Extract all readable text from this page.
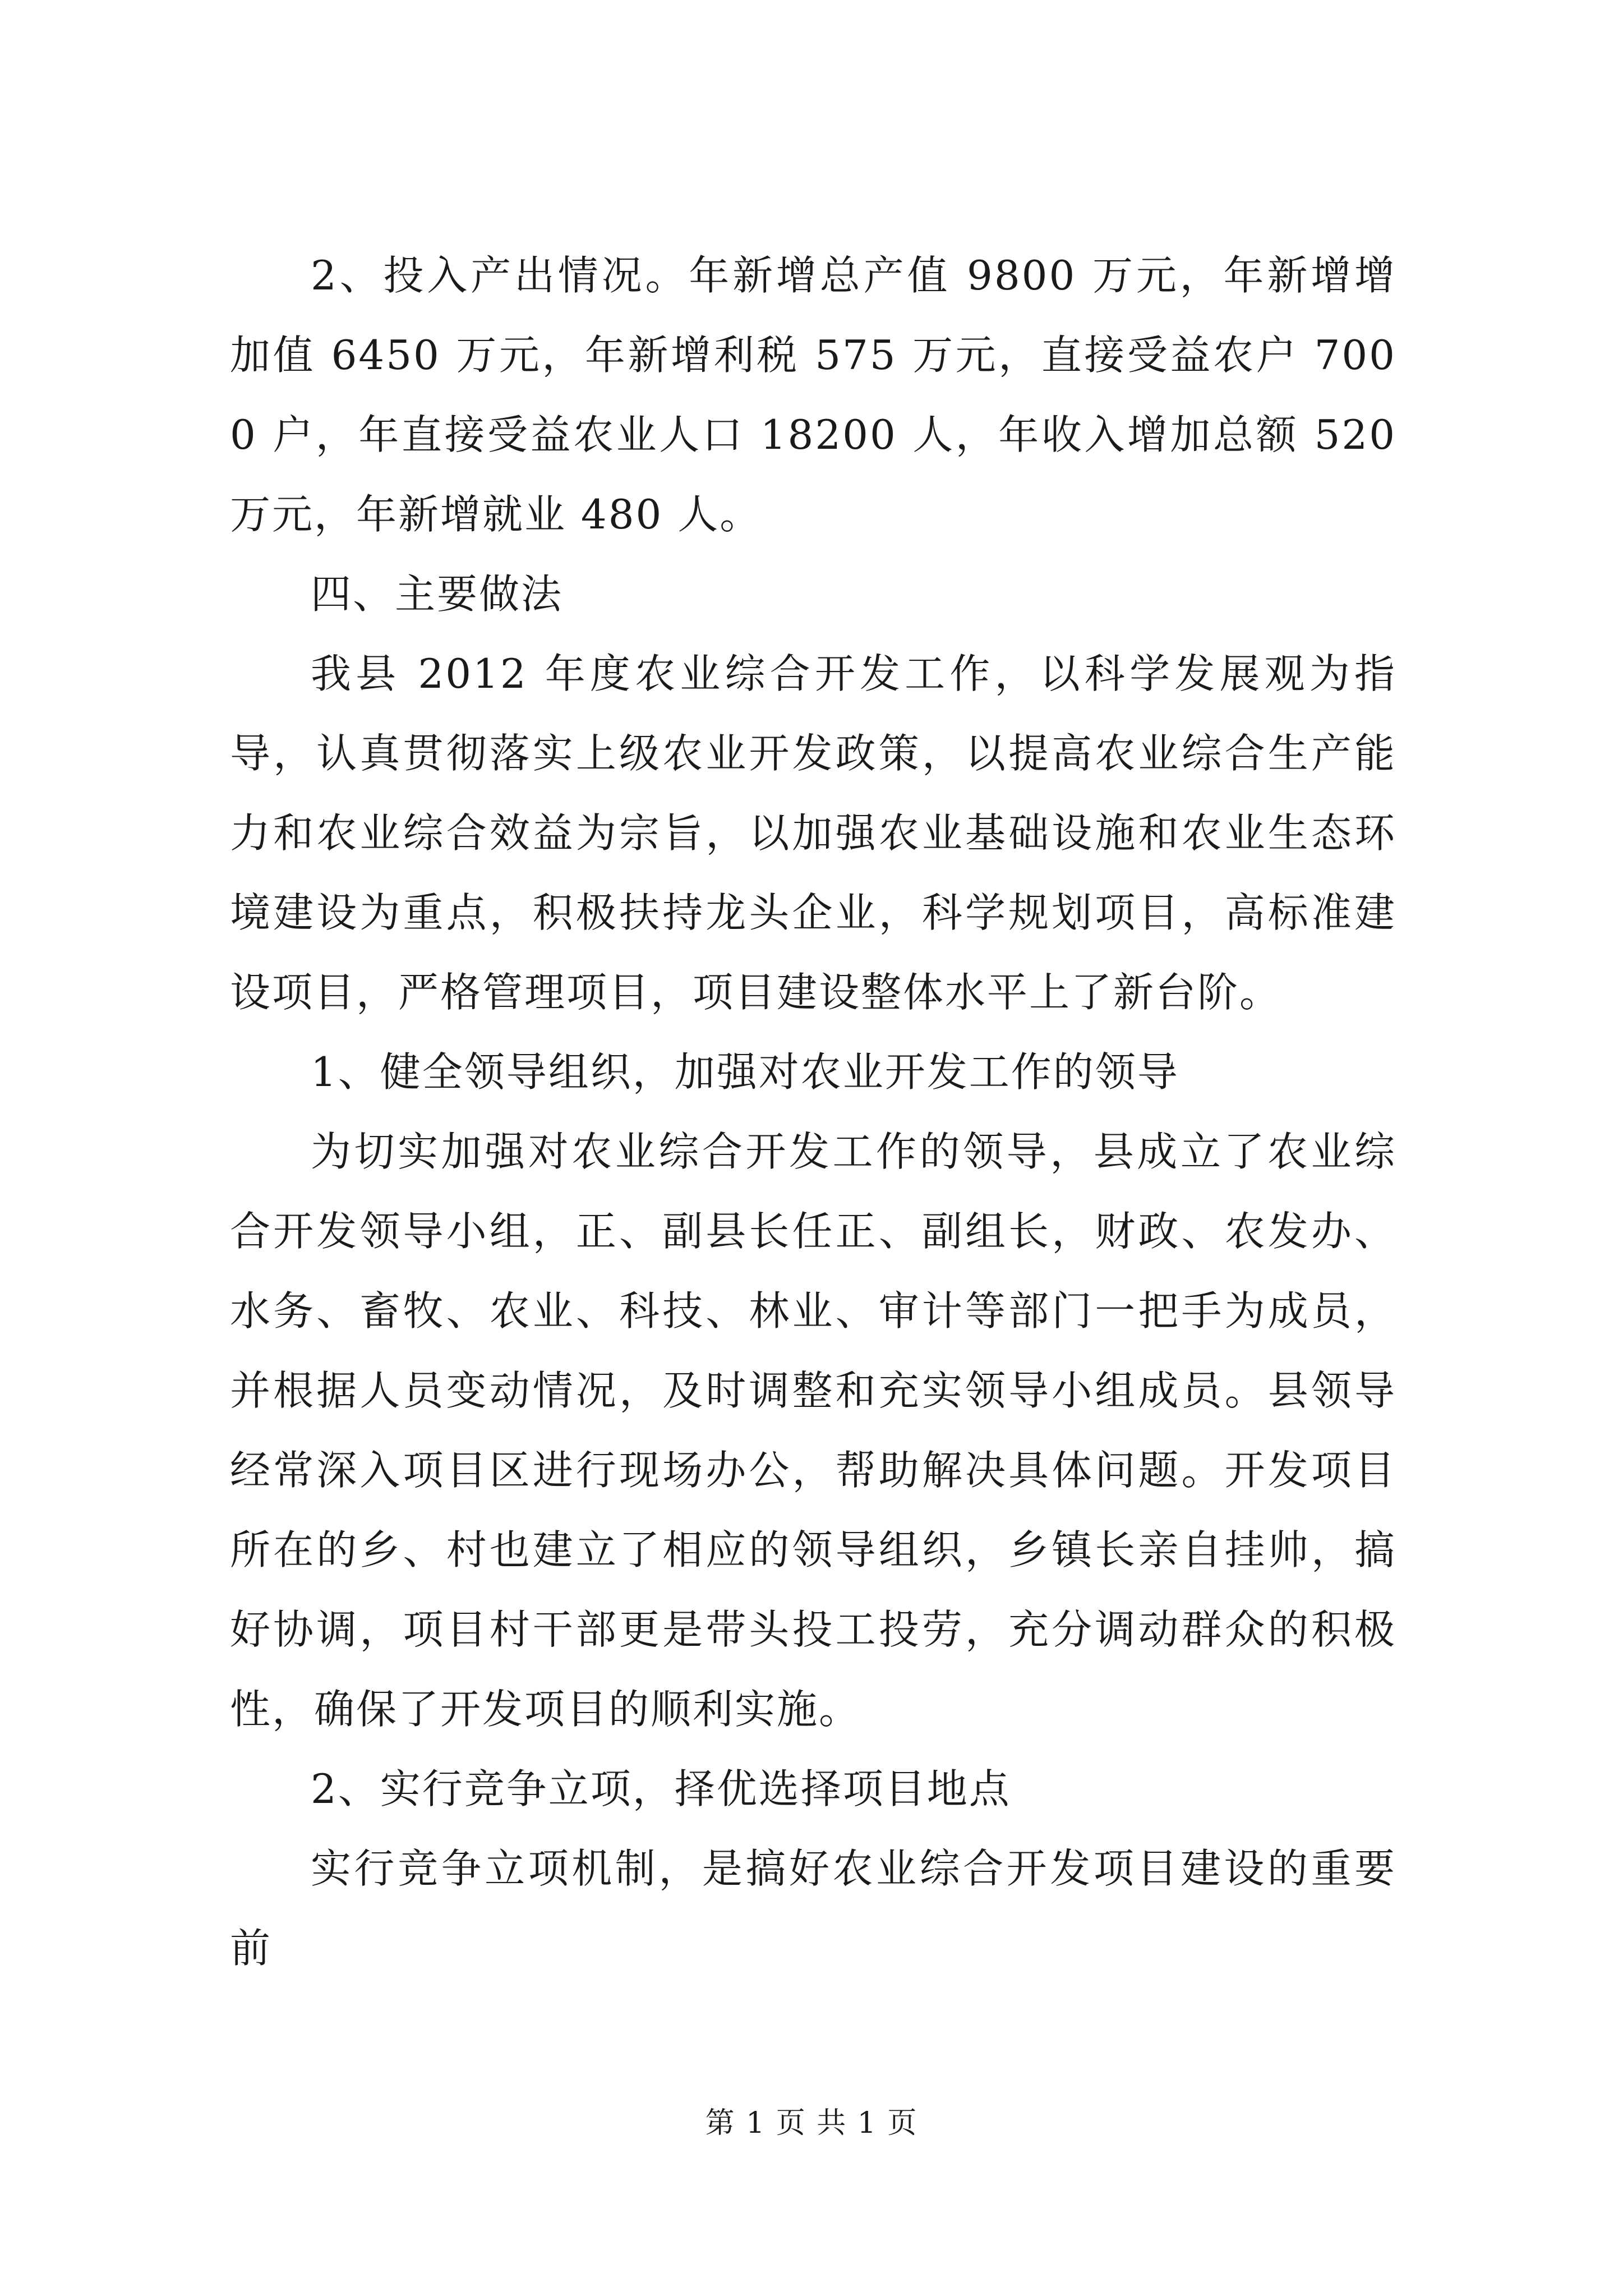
2、投入产出情况。年新增总产值 9800 万元，年新增增加值 6450 万元，年新增利税 575 万元，直接受益农户 7000 户，年直接受益农业人口 18200 人，年收入增加总额 520 万元，年新增就业 480 人。

四、主要做法

我县 2012 年度农业综合开发工作，以科学发展观为指导，认真贯彻落实上级农业开发政策，以提高农业综合生产能力和农业综合效益为宗旨，以加强农业基础设施和农业生态环境建设为重点，积极扶持龙头企业，科学规划项目，高标准建设项目，严格管理项目，项目建设整体水平上了新台阶。

1、健全领导组织，加强对农业开发工作的领导

为切实加强对农业综合开发工作的领导，县成立了农业综合开发领导小组，正、副县长任正、副组长，财政、农发办、水务、畜牧、农业、科技、林业、审计等部门一把手为成员，并根据人员变动情况，及时调整和充实领导小组成员。县领导经常深入项目区进行现场办公，帮助解决具体问题。开发项目所在的乡、村也建立了相应的领导组织，乡镇长亲自挂帅，搞好协调，项目村干部更是带头投工投劳，充分调动群众的积极性，确保了开发项目的顺利实施。

2、实行竞争立项，择优选择项目地点

实行竞争立项机制，是搞好农业综合开发项目建设的重要前

第 1 页 共 1 页
